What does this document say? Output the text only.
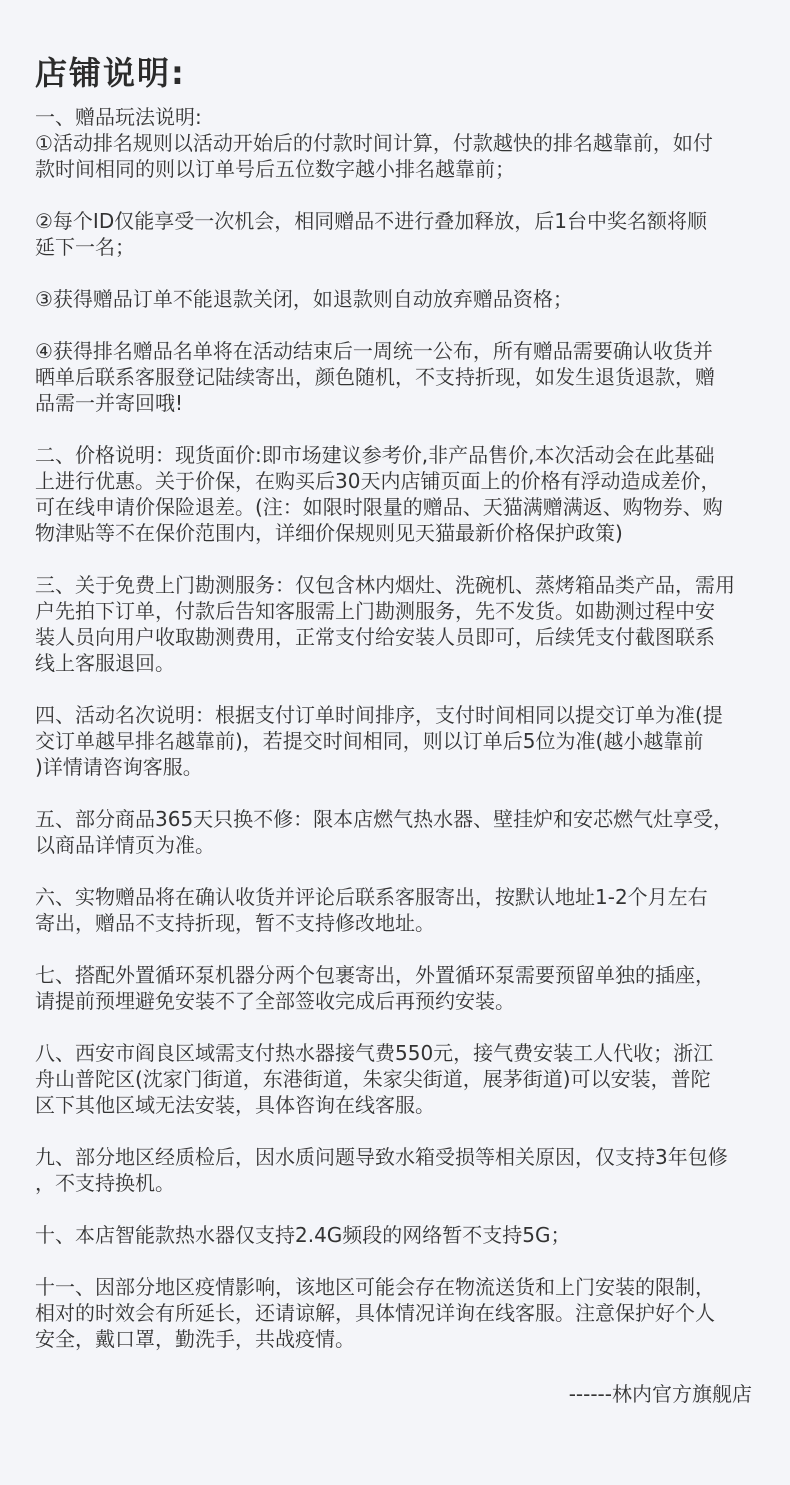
店铺说明:
一、赠品玩法说明:
①活动排名规则以活动开始后的付款时间计算，付款越快的排名越靠前，如付
款时间相同的则以订单号后五位数字越小排名越靠前；
②每个ID仅能享受一次机会，相同赠品不进行叠加释放，后1台中奖名额将顺
延下一名；
③获得赠品订单不能退款关闭，如退款则自动放弃赠品资格；
④获得排名赠品名单将在活动结束后一周统一公布，所有赠品需要确认收货并
晒单后联系客服登记陆续寄出，颜色随机，不支持折现，如发生退货退款，赠
品需一并寄回哦!
二、价格说明：现货面价:即市场建议参考价,非产品售价,本次活动会在此基础
上进行优惠。关于价保，在购买后30天内店铺页面上的价格有浮动造成差价，
可在线申请价保险退差。(注：如限时限量的赠品、天猫满赠满返、购物券、购
物津贴等不在保价范围内，详细价保规则见天猫最新价格保护政策)
三、关于免费上门勘测服务：仅包含林内烟灶、洗碗机、蒸烤箱品类产品，需用
户先拍下订单，付款后告知客服需上门勘测服务，先不发货。如勘测过程中安
装人员向用户收取勘测费用，正常支付给安装人员即可，后续凭支付截图联系
线上客服退回。
四、活动名次说明：根据支付订单时间排序，支付时间相同以提交订单为准(提
交订单越早排名越靠前)，若提交时间相同，则以订单后5位为准(越小越靠前
)详情请咨询客服。
五、部分商品365天只换不修：限本店燃气热水器、壁挂炉和安芯燃气灶享受，
以商品详情页为准。
六、实物赠品将在确认收货并评论后联系客服寄出，按默认地址1-2个月左右
寄出，赠品不支持折现，暂不支持修改地址。
七、搭配外置循环泵机器分两个包裹寄出，外置循环泵需要预留单独的插座，
请提前预埋避免安装不了全部签收完成后再预约安装。
八、西安市阎良区域需支付热水器接气费550元，接气费安装工人代收；浙江
舟山普陀区(沈家门街道，东港街道，朱家尖街道，展茅街道)可以安装，普陀
区下其他区域无法安装，具体咨询在线客服。
九、部分地区经质检后，因水质问题导致水箱受损等相关原因，仅支持3年包修
，不支持换机。
十、本店智能款热水器仅支持2.4G频段的网络暂不支持5G；
十一、因部分地区疫情影响，该地区可能会存在物流送货和上门安装的限制，
相对的时效会有所延长，还请谅解，具体情况详询在线客服。注意保护好个人
安全，戴口罩，勤洗手，共战疫情。
------林内官方旗舰店
